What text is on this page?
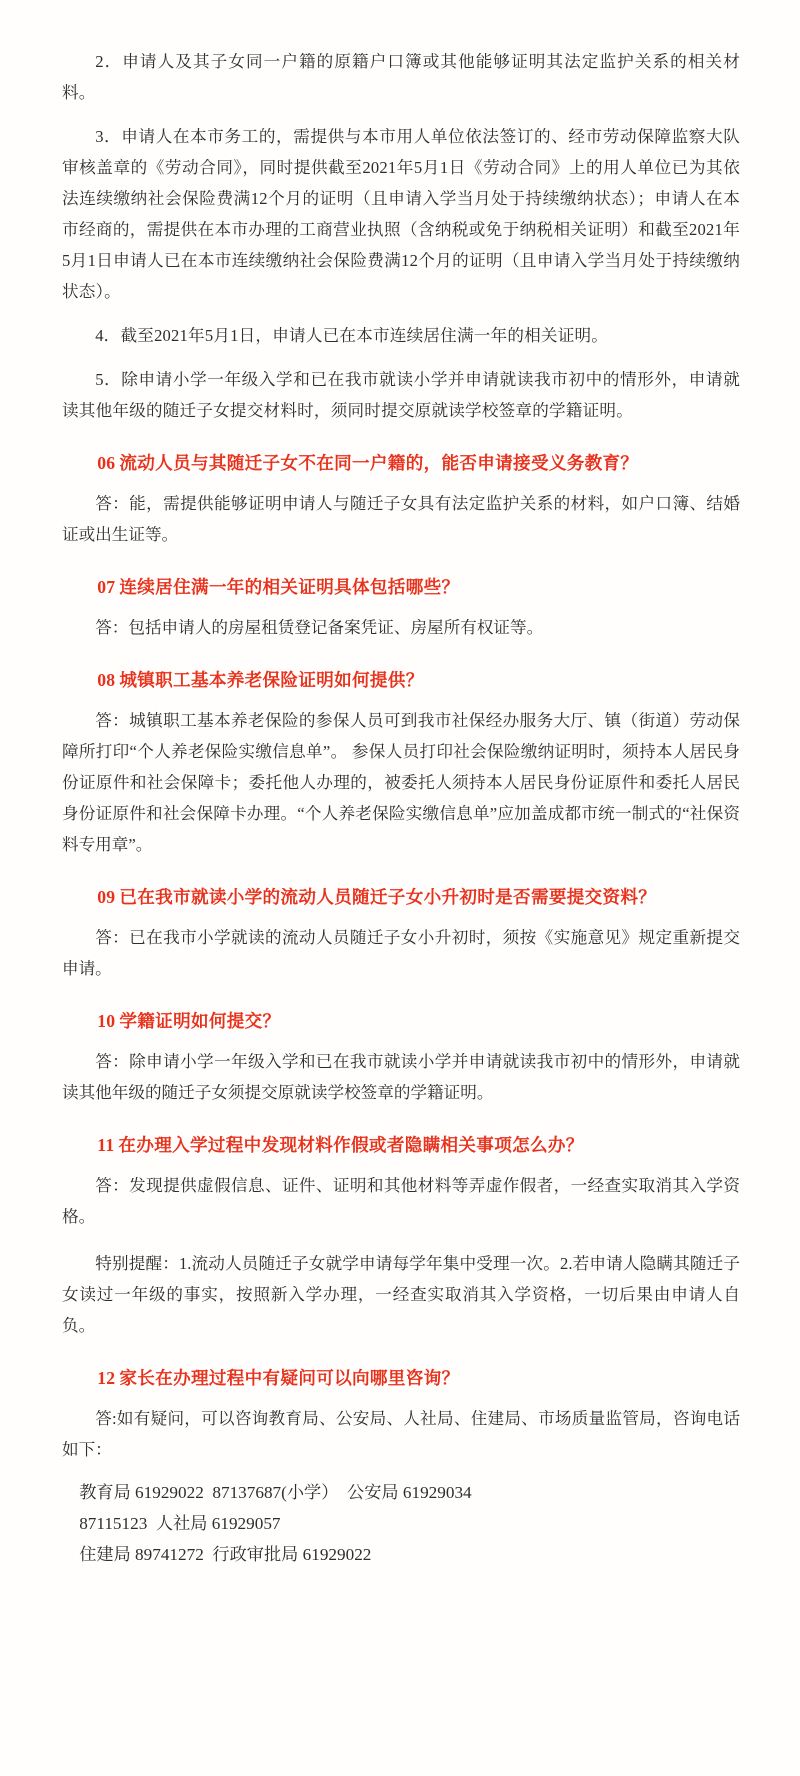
2．申请人及其子女同一户籍的原籍户口簿或其他能够证明其法定监护关系的相关材料。

3．申请人在本市务工的，需提供与本市用人单位依法签订的、经市劳动保障监察大队审核盖章的《劳动合同》，同时提供截至2021年5月1日《劳动合同》上的用人单位已为其依法连续缴纳社会保险费满12个月的证明（且申请入学当月处于持续缴纳状态）；申请人在本市经商的，需提供在本市办理的工商营业执照（含纳税或免于纳税相关证明）和截至2021年5月1日申请人已在本市连续缴纳社会保险费满12个月的证明（且申请入学当月处于持续缴纳状态）。

4．截至2021年5月1日，申请人已在本市连续居住满一年的相关证明。

5．除申请小学一年级入学和已在我市就读小学并申请就读我市初中的情形外，申请就读其他年级的随迁子女提交材料时，须同时提交原就读学校签章的学籍证明。

06 流动人员与其随迁子女不在同一户籍的，能否申请接受义务教育？

答：能，需提供能够证明申请人与随迁子女具有法定监护关系的材料，如户口簿、结婚证或出生证等。

07 连续居住满一年的相关证明具体包括哪些？

答：包括申请人的房屋租赁登记备案凭证、房屋所有权证等。

08 城镇职工基本养老保险证明如何提供？

答：城镇职工基本养老保险的参保人员可到我市社保经办服务大厅、镇（街道）劳动保障所打印“个人养老保险实缴信息单”。 参保人员打印社会保险缴纳证明时，须持本人居民身份证原件和社会保障卡；委托他人办理的，被委托人须持本人居民身份证原件和委托人居民身份证原件和社会保障卡办理。“个人养老保险实缴信息单”应加盖成都市统一制式的“社保资料专用章”。

09 已在我市就读小学的流动人员随迁子女小升初时是否需要提交资料？

答：已在我市小学就读的流动人员随迁子女小升初时，须按《实施意见》规定重新提交申请。

10 学籍证明如何提交？

答：除申请小学一年级入学和已在我市就读小学并申请就读我市初中的情形外，申请就读其他年级的随迁子女须提交原就读学校签章的学籍证明。

11 在办理入学过程中发现材料作假或者隐瞒相关事项怎么办？

答：发现提供虚假信息、证件、证明和其他材料等弄虚作假者，一经查实取消其入学资格。

特别提醒：1.流动人员随迁子女就学申请每学年集中受理一次。2.若申请人隐瞒其随迁子女读过一年级的事实，按照新入学办理，一经查实取消其入学资格，一切后果由申请人自负。

12 家长在办理过程中有疑问可以向哪里咨询？

答:如有疑问，可以咨询教育局、公安局、人社局、住建局、市场质量监管局，咨询电话如下：

教育局 61929022  87137687(小学）  公安局 61929034
87115123  人社局 61929057
住建局 89741272  行政审批局 61929022
